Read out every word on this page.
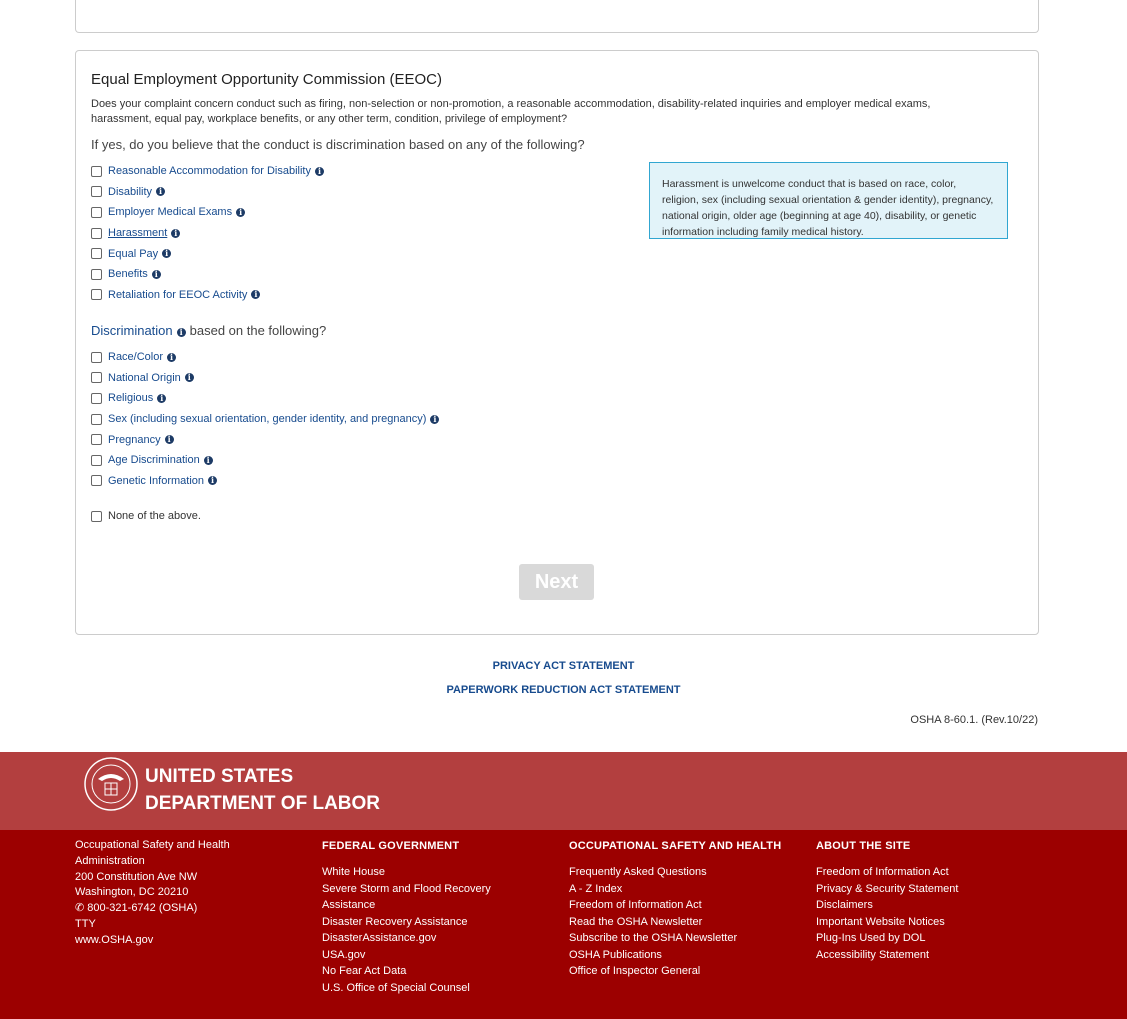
Equal Employment Opportunity Commission (EEOC)
Does your complaint concern conduct such as firing, non-selection or non-promotion, a reasonable accommodation, disability-related inquiries and employer medical exams, harassment, equal pay, workplace benefits, or any other term, condition, privilege of employment?
If yes, do you believe that the conduct is discrimination based on any of the following?
Reasonable Accommodation for Disability i
Disability i
Employer Medical Exams i
Harassment i
Equal Pay i
Benefits i
Retaliation for EEOC Activity i
Harassment is unwelcome conduct that is based on race, color, religion, sex (including sexual orientation & gender identity), pregnancy, national origin, older age (beginning at age 40), disability, or genetic information including family medical history.
Discrimination i based on the following?
Race/Color i
National Origin i
Religious i
Sex (including sexual orientation, gender identity, and pregnancy) i
Pregnancy i
Age Discrimination i
Genetic Information i
None of the above.
Next
PRIVACY ACT STATEMENT
PAPERWORK REDUCTION ACT STATEMENT
OSHA 8-60.1. (Rev.10/22)
UNITED STATES
DEPARTMENT OF LABOR
Occupational Safety and Health Administration
200 Constitution Ave NW
Washington, DC 20210
✆ 800-321-6742 (OSHA)
TTY
www.OSHA.gov
FEDERAL GOVERNMENT
White House
Severe Storm and Flood Recovery Assistance
Disaster Recovery Assistance
DisasterAssistance.gov
USA.gov
No Fear Act Data
U.S. Office of Special Counsel
OCCUPATIONAL SAFETY AND HEALTH
Frequently Asked Questions
A - Z Index
Freedom of Information Act
Read the OSHA Newsletter
Subscribe to the OSHA Newsletter
OSHA Publications
Office of Inspector General
ABOUT THE SITE
Freedom of Information Act
Privacy & Security Statement
Disclaimers
Important Website Notices
Plug-Ins Used by DOL
Accessibility Statement
